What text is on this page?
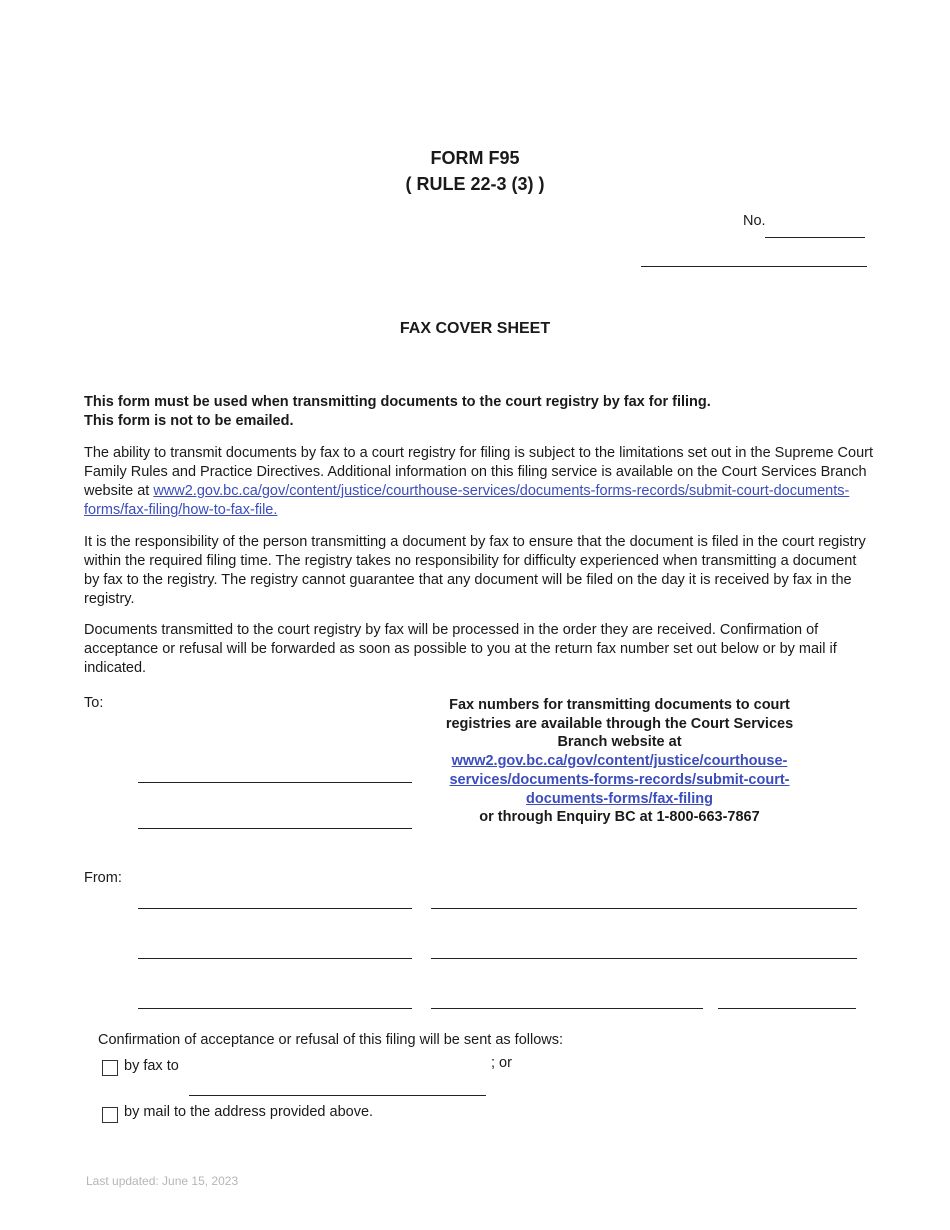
FORM F95
( RULE 22-3 (3) )
No.
FAX COVER SHEET
This form must be used when transmitting documents to the court registry by fax for filing.
This form is not to be emailed.
The ability to transmit documents by fax to a court registry for filing is subject to the limitations set out in the Supreme Court Family Rules and Practice Directives. Additional information on this filing service is available on the Court Services Branch website at www2.gov.bc.ca/gov/content/justice/courthouse-services/documents-forms-records/submit-court-documents-forms/fax-filing/how-to-fax-file.
It is the responsibility of the person transmitting a document by fax to ensure that the document is filed in the court registry within the required filing time. The registry takes no responsibility for difficulty experienced when transmitting a document by fax to the registry. The registry cannot guarantee that any document will be filed on the day it is received by fax in the registry.
Documents transmitted to the court registry by fax will be processed in the order they are received. Confirmation of acceptance or refusal will be forwarded as soon as possible to you at the return fax number set out below or by mail if indicated.
To:	Fax numbers for transmitting documents to court registries are available through the Court Services Branch website at
www2.gov.bc.ca/gov/content/justice/courthouse-services/documents-forms-records/submit-court-documents-forms/fax-filing
or through Enquiry BC at 1-800-663-7867
From:
Confirmation of acceptance or refusal of this filing will be sent as follows:
by fax to	; or
by mail to the address provided above.
Last updated: June 15, 2023
